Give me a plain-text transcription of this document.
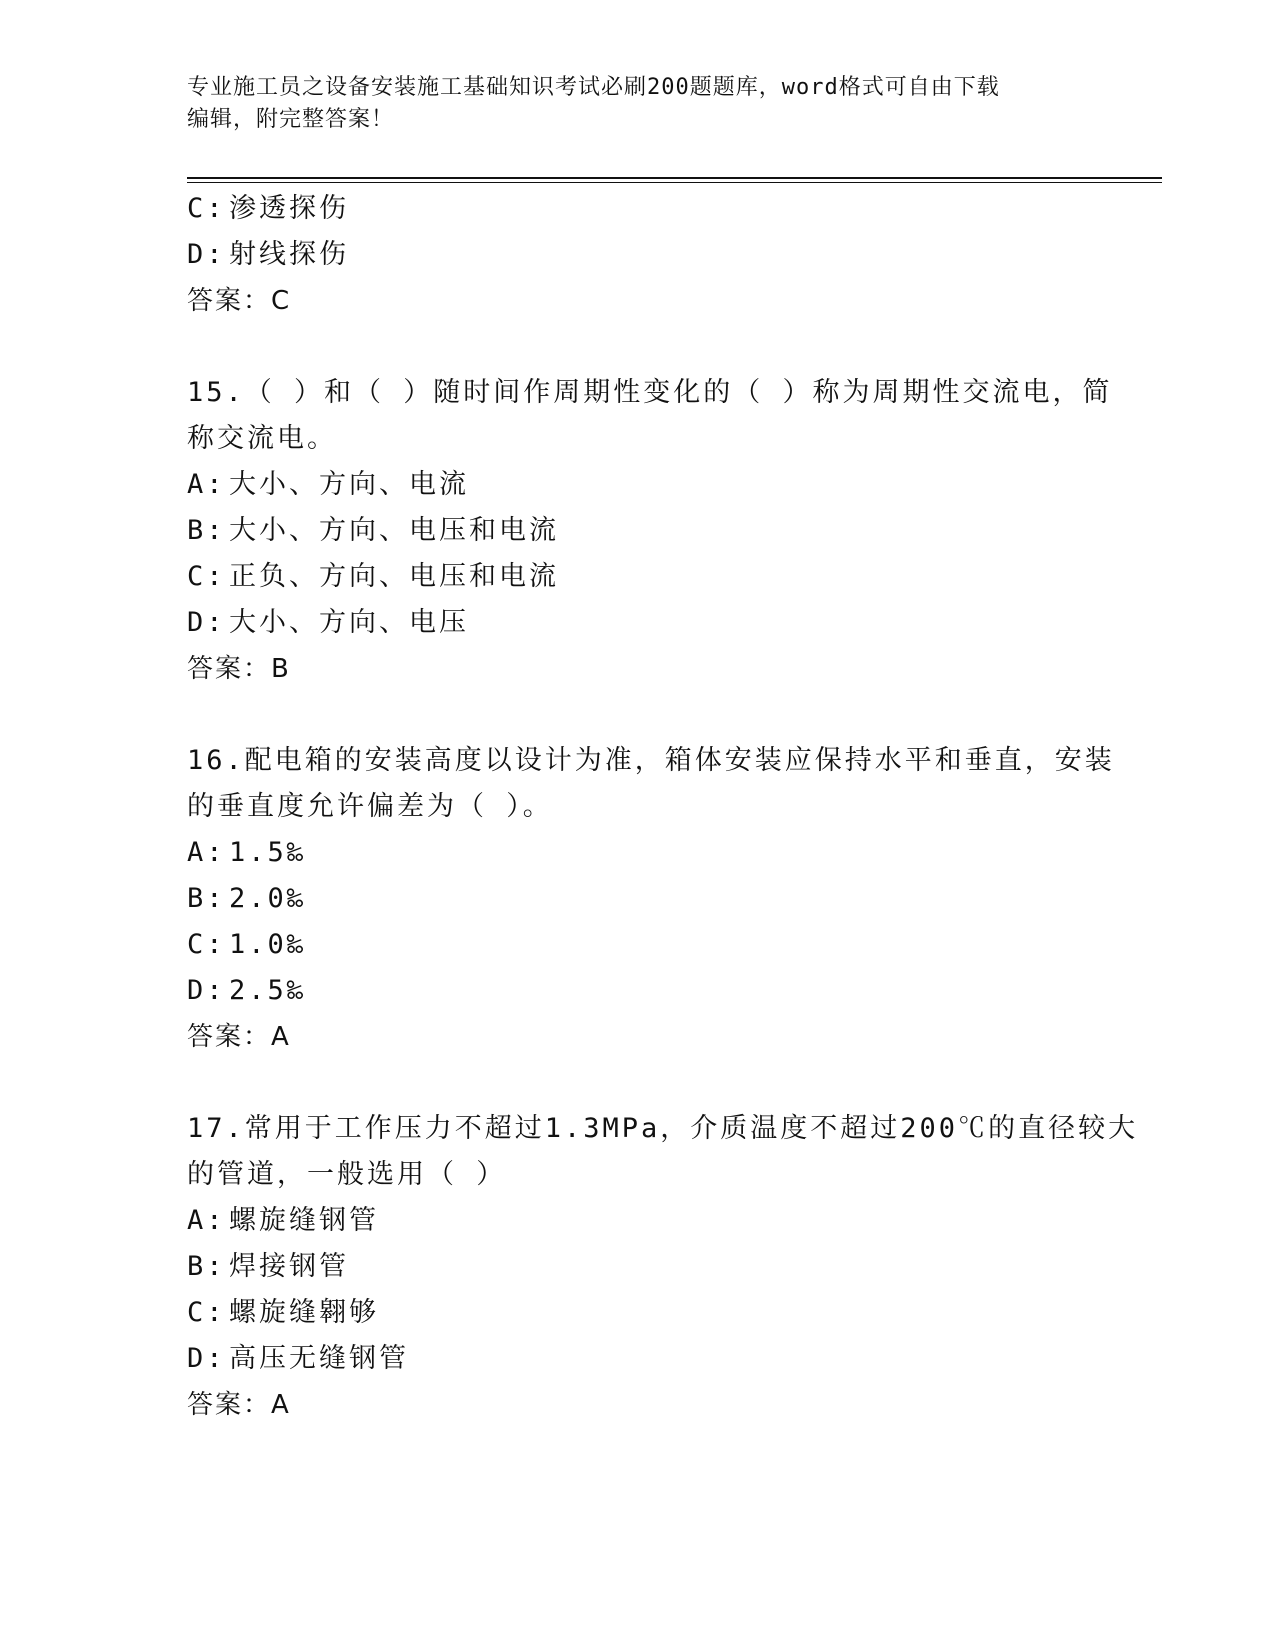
专业施工员之设备安装施工基础知识考试必刷200题题库，word格式可自由下载
编辑，附完整答案！
C: 渗透探伤
D: 射线探伤
答案：C
15.（ ）和（ ）随时间作周期性变化的（ ）称为周期性交流电，简
称交流电。
A: 大小、方向、电流
B: 大小、方向、电压和电流
C: 正负、方向、电压和电流
D: 大小、方向、电压
答案：B
16.配电箱的安装高度以设计为准，箱体安装应保持水平和垂直，安装
的垂直度允许偏差为（ ）。
A: 1.5‰
B: 2.0‰
C: 1.0‰
D: 2.5‰
答案：A
17.常用于工作压力不超过1.3MPa，介质温度不超过200℃的直径较大
的管道，一般选用（ ）
A: 螺旋缝钢管
B: 焊接钢管
C: 螺旋缝翱够
D: 高压无缝钢管
答案：A
